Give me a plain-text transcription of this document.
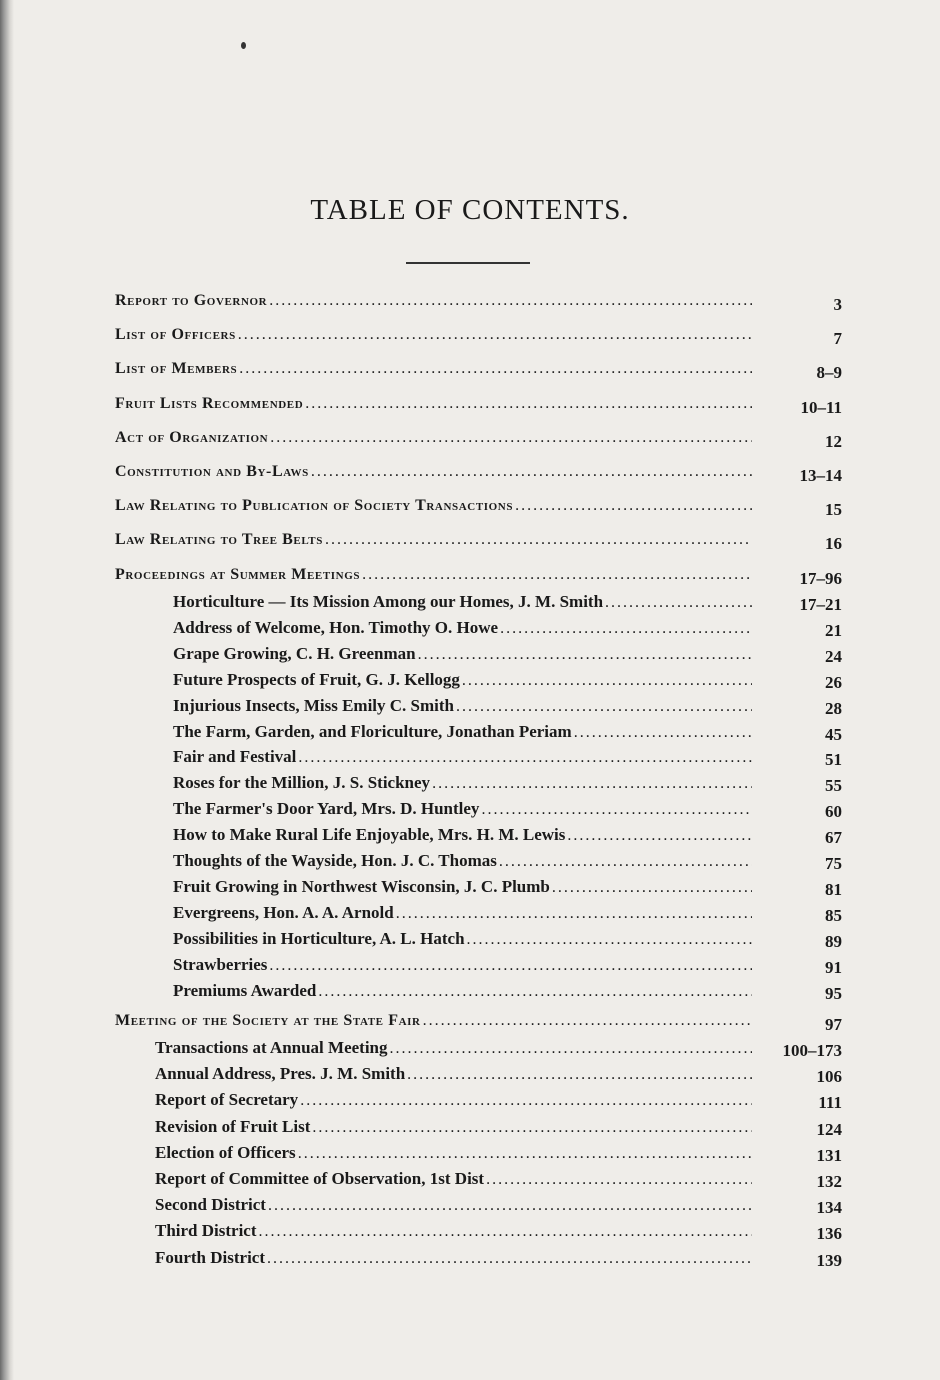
TABLE OF CONTENTS.
Report to Governor . . .	3
List of Officers . . .	7
List of Members . . .	8–9
Fruit Lists Recommended . . .	10–11
Act of Organization . . .	12
Constitution and By-Laws . . .	13–14
Law Relating to Publication of Society Transactions . . .	15
Law Relating to Tree Belts . . .	16
Proceedings at Summer Meetings . . .	17–96
Horticulture — Its Mission Among our Homes, J. M. Smith . . .	17–21
Address of Welcome, Hon. Timothy O. Howe . . .	21
Grape Growing, C. H. Greenman . . .	24
Future Prospects of Fruit, G. J. Kellogg . . .	26
Injurious Insects, Miss Emily C. Smith . . .	28
The Farm, Garden, and Floriculture, Jonathan Periam . . .	45
Fair and Festival . . .	51
Roses for the Million, J. S. Stickney . . .	55
The Farmer's Door Yard, Mrs. D. Huntley . . .	60
How to Make Rural Life Enjoyable, Mrs. H. M. Lewis . . .	67
Thoughts of the Wayside, Hon. J. C. Thomas . . .	75
Fruit Growing in Northwest Wisconsin, J. C. Plumb . . .	81
Evergreens, Hon. A. A. Arnold . . .	85
Possibilities in Horticulture, A. L. Hatch . . .	89
Strawberries . . .	91
Premiums Awarded . . .	95
Meeting of the Society at the State Fair . . .	97
Transactions at Annual Meeting . . .	100–173
Annual Address, Pres. J. M. Smith . . .	106
Report of Secretary . . .	111
Revision of Fruit List . . .	124
Election of Officers . . .	131
Report of Committee of Observation, 1st Dist . . .	132
Second District . . .	134
Third District . . .	136
Fourth District . . .	139
